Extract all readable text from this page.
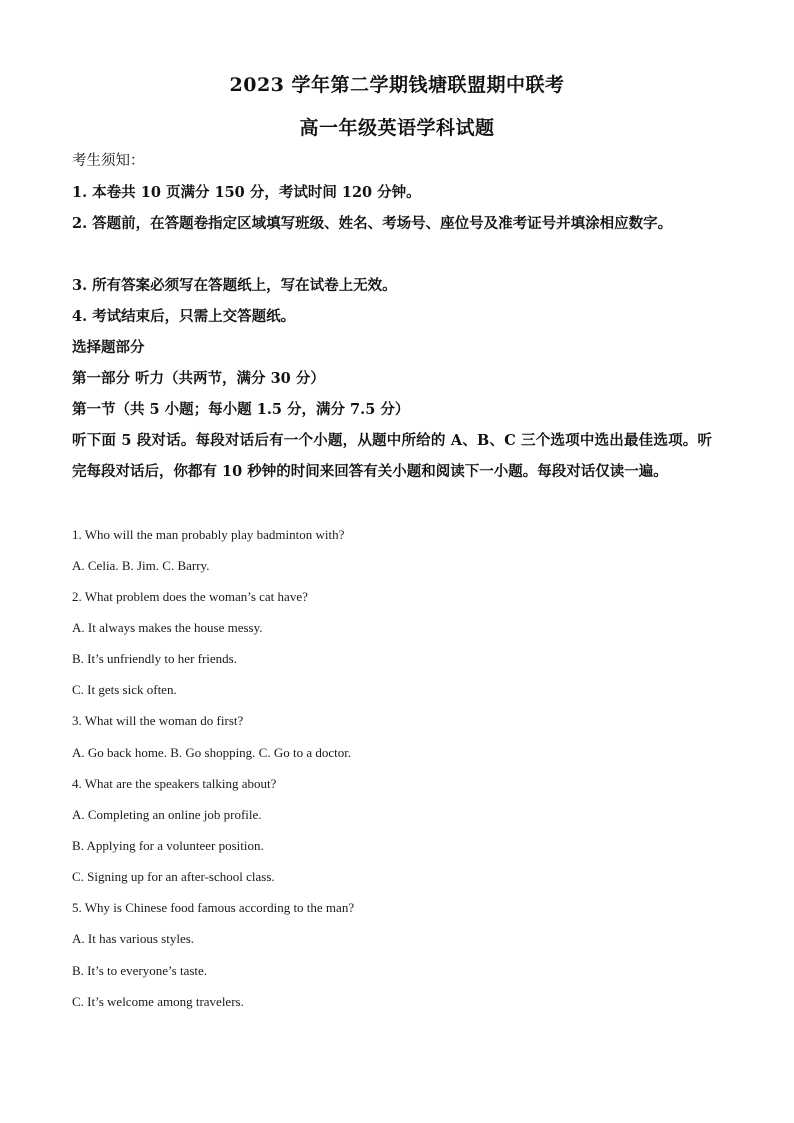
2023 学年第二学期钱塘联盟期中联考
高一年级英语学科试题
考生须知：
1. 本卷共 10 页满分 150 分，考试时间 120 分钟。
2. 答题前，在答题卷指定区域填写班级、姓名、考场号、座位号及准考证号并填涂相应数字。
3. 所有答案必须写在答题纸上，写在试卷上无效。
4. 考试结束后，只需上交答题纸。
选择题部分
第一部分 听力（共两节，满分 30 分）
第一节（共 5 小题；每小题 1.5 分，满分 7.5 分）
听下面 5 段对话。每段对话后有一个小题，从题中所给的 A、B、C 三个选项中选出最佳选项。听完每段对话后，你都有 10 秒钟的时间来回答有关小题和阅读下一小题。每段对话仅读一遍。
1. Who will the man probably play badminton with?
A. Celia. B. Jim. C. Barry.
2. What problem does the woman’s cat have?
A. It always makes the house messy.
B. It’s unfriendly to her friends.
C. It gets sick often.
3. What will the woman do first?
A. Go back home. B. Go shopping. C. Go to a doctor.
4. What are the speakers talking about?
A. Completing an online job profile.
B. Applying for a volunteer position.
C. Signing up for an after-school class.
5. Why is Chinese food famous according to the man?
A. It has various styles.
B. It’s to everyone’s taste.
C. It’s welcome among travelers.
